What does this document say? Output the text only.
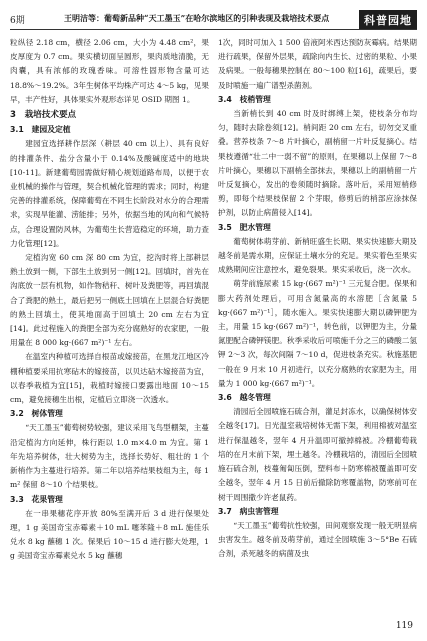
6期	王明洁等：葡萄新品种“天工墨玉”在哈尔滨地区的引种表现及栽培技术要点	科普园地

粒纵径 2.18 cm，横径 2.06 cm，大小为 4.48 cm²，果皮厚度为 0.7 cm。果实横切面呈圆形，果肉质地清脆，无肉囊，具有浓郁的玫瑰香味。可溶性固形物含量可达 18.8%～19.2%。3年生树体平均株产可达 4～5 kg，见果早，丰产性好，具体果实外观形态详见 OSID 期图 1。

3　栽培技术要点
3.1　建园及定植

建园宜选择耕作层深（耕层 40 cm 以上）、具有良好的排灌条件、盐分含量小于 0.14%及酸碱度适中的地块[10-11]。新建葡萄园需做好精心规划道路布局，以便于农业机械的操作与管理，契合机械化管理的需求；同时，构建完善的排灌系统，保障葡萄在不同生长阶段对水分的合理需求，实现旱能灌、涝能排；另外，依据当地的风向和气候特点，合理设置防风林，为葡萄生长营造稳定的环境，助力查力化管理[12]。

定植沟宽 60 cm 深 80 cm 为宜，挖沟时将上部耕层熟土放到一侧，下部生土放到另一侧[12]。回填时，首先在沟底放一层有机物，如作物秸秆、树叶及粪肥等，再回填混合了粪肥的熟土，最后把另一侧底土回填在上层混合好粪肥的熟土回填土，使其地面高于回填土 20 cm 左右为宜[14]。此过程施入的粪肥全部为充分腐熟好的农家肥，一般用量在 8 000 kg·(667 m²)⁻¹ 左右。

在温室内种植可选择自根苗或嫁接苗，在黑龙江地区冷棚种植要采用抗寒砧木的嫁接苗，以贝达砧木嫁接苗为宜，以春季栽植为宜[15]，栽植时嫁接口要露出地面 10～15 cm，避免接穗生出根，定植后立即浇一次透水。

3.2　树体管理

“天工墨玉”葡萄树势较强，建议采用飞鸟型棚架，主蔓沿定植沟方向延伸，株行距以 1.0 m×4.0 m 为宜。第 1 年先培养树体，壮大树势为主，选择长势好、粗壮的 1 个新梢作为主蔓进行培养。第二年以培养结果枝组为主，每 1 m² 保留 8～10 个结果枝。

3.3　花果管理

在一串果穗花序开放 80%至满开后 3 d 进行保果处理，1 g 美国奇宝赤霉素＋10 mL 噻苯隆＋8 mL 施佳乐兑水 8 kg 蘸穗 1 次。保果后 10～15 d 进行膨大处理，1 g 美国奇宝赤霉素兑水 5 kg 蘸穗

1次，同时可加入 1 500 倍液阿米西达预防灰霉病。结果期进行疏果，保留外层果，疏除向内生长、过密的果粒、小果及病果。一般每穗果控制在 80～100 粒[16]，疏果后，要及时喷施一遍广谱型杀菌剂。

3.4　枝梢管理

当新梢长到 40 cm 时及时绑缚上架，使枝条分布均匀，随时去除卷须[12]。梢间距 20 cm 左右，切勿交叉重叠。营养枝条 7～8 片叶摘心，副梢留一片叶反复摘心。结果枝遵循“壮二中一弱不留”的原则，在果穗以上保留 7～8 片叶摘心，果穗以下副梢全部抹去，果穗以上的副梢留一片叶反复摘心，发出的卷须随时摘除。落叶后，采用短梢修剪，即每个结果枝保留 2 个芽眼，修剪后的梢部应涂抹保护剂，以防止病菌侵入[14]。

3.5　肥水管理

葡萄树体萌芽前、新梢旺盛生长期、果实快速膨大期及越冬前是需水期，应保证土壤水分的充足。果实着色至果实成熟期间应注意控水，避免裂果。果实采收后，浇一次水。

萌芽前施尿素 15 kg·(667 m²)⁻¹ 三元复合肥。保果和膨大药剂处理后，可用含氮量高的水溶肥［含氮量 5 kg·(667 m²)⁻¹］，随水施入。果实快速膨大期以磷钾肥为主，用量 15 kg·(667 m²)⁻¹，转色前，以钾肥为主，分量氮肥配合磷钾镁肥。秋季采收后可喷施千分之三的磷酸二氢钾 2～3 次，每次间隔 7～10 d，促进枝条充实。秋施基肥一般在 9 月末 10 月初进行，以充分腐熟的农家肥为主，用量为 1 000 kg·(667 m²)⁻¹。

3.6　越冬管理

清园后全园喷施石硫合剂，灌足封冻水，以确保树体安全越冬[17]。日光温室栽培树体无需下架，利用棉被对温室进行保温越冬，翌年 4 月升温即可撤掉棉被。冷棚葡萄栽培的在月末前下架，埋土越冬。冷棚栽培的，清园后全园喷施石硫合剂，枝蔓匍匐压倒，塑料布＋防寒棉被覆盖即可安全越冬，翌年 4 月 15 日前后撤除防寒覆盖物，防寒前可在树干周围撒少许老鼠药。

3.7　病虫害管理

“天工墨玉”葡萄抗性较强，田间观察发现一般无明显病虫害发生。越冬前及萌芽前，通过全园喷施 3～5°Be 石硫合剂，杀死越冬的病菌及虫

119
